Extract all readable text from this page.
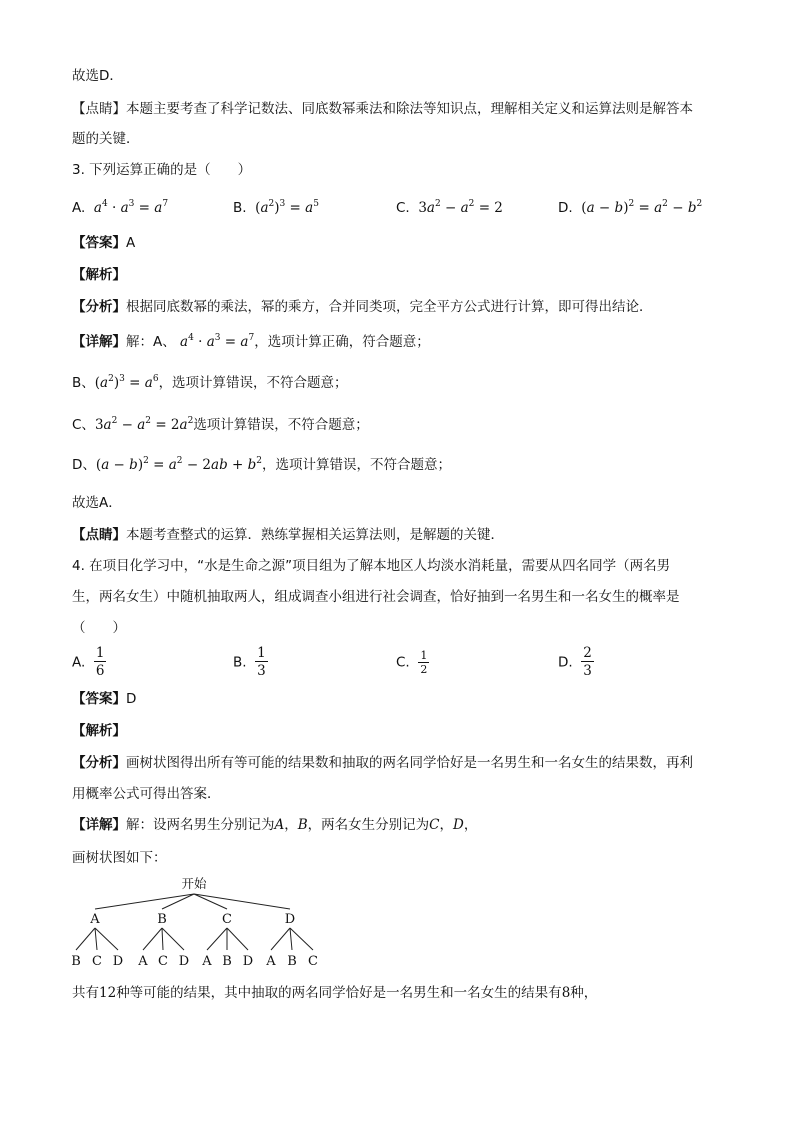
故选D．
【点睛】本题主要考查了科学记数法、同底数幂乘法和除法等知识点，理解相关定义和运算法则是解答本
题的关键．
3. 下列运算正确的是（　　）
A. $a^4 \cdot a^3 = a^7$	B. $(a^2)^3 = a^5$	C. $3a^2 - a^2 = 2$	D. $(a - b)^2 = a^2 - b^2$
【答案】A
【解析】
【分析】根据同底数幂的乘法，幂的乘方，合并同类项，完全平方公式进行计算，即可得出结论．
【详解】解：A、 $a^4 \cdot a^3 = a^7$，选项计算正确，符合题意；
B、$(a^2)^3 = a^6$，选项计算错误，不符合题意；
C、$3a^2 - a^2 = 2a^2$选项计算错误，不符合题意；
D、$(a - b)^2 = a^2 - 2ab + b^2$，选项计算错误，不符合题意；
故选A．
【点睛】本题考查整式的运算．熟练掌握相关运算法则，是解题的关键．
4. 在项目化学习中，“水是生命之源”项目组为了解本地区人均淡水消耗量，需要从四名同学（两名男
生，两名女生）中随机抽取两人，组成调查小组进行社会调查，恰好抽到一名男生和一名女生的概率是
（　　）
A. $\frac{1}{6}$	B. $\frac{1}{3}$	C. $\frac{1}{2}$	D. $\frac{2}{3}$
【答案】D
【解析】
【分析】画树状图得出所有等可能的结果数和抽取的两名同学恰好是一名男生和一名女生的结果数，再利
用概率公式可得出答案．
【详解】解：设两名男生分别记为A，B，两名女生分别记为C，D，
画树状图如下：
开始
A	B	C	D
B C D A C D A B D A B C
共有12种等可能的结果，其中抽取的两名同学恰好是一名男生和一名女生的结果有8种，
